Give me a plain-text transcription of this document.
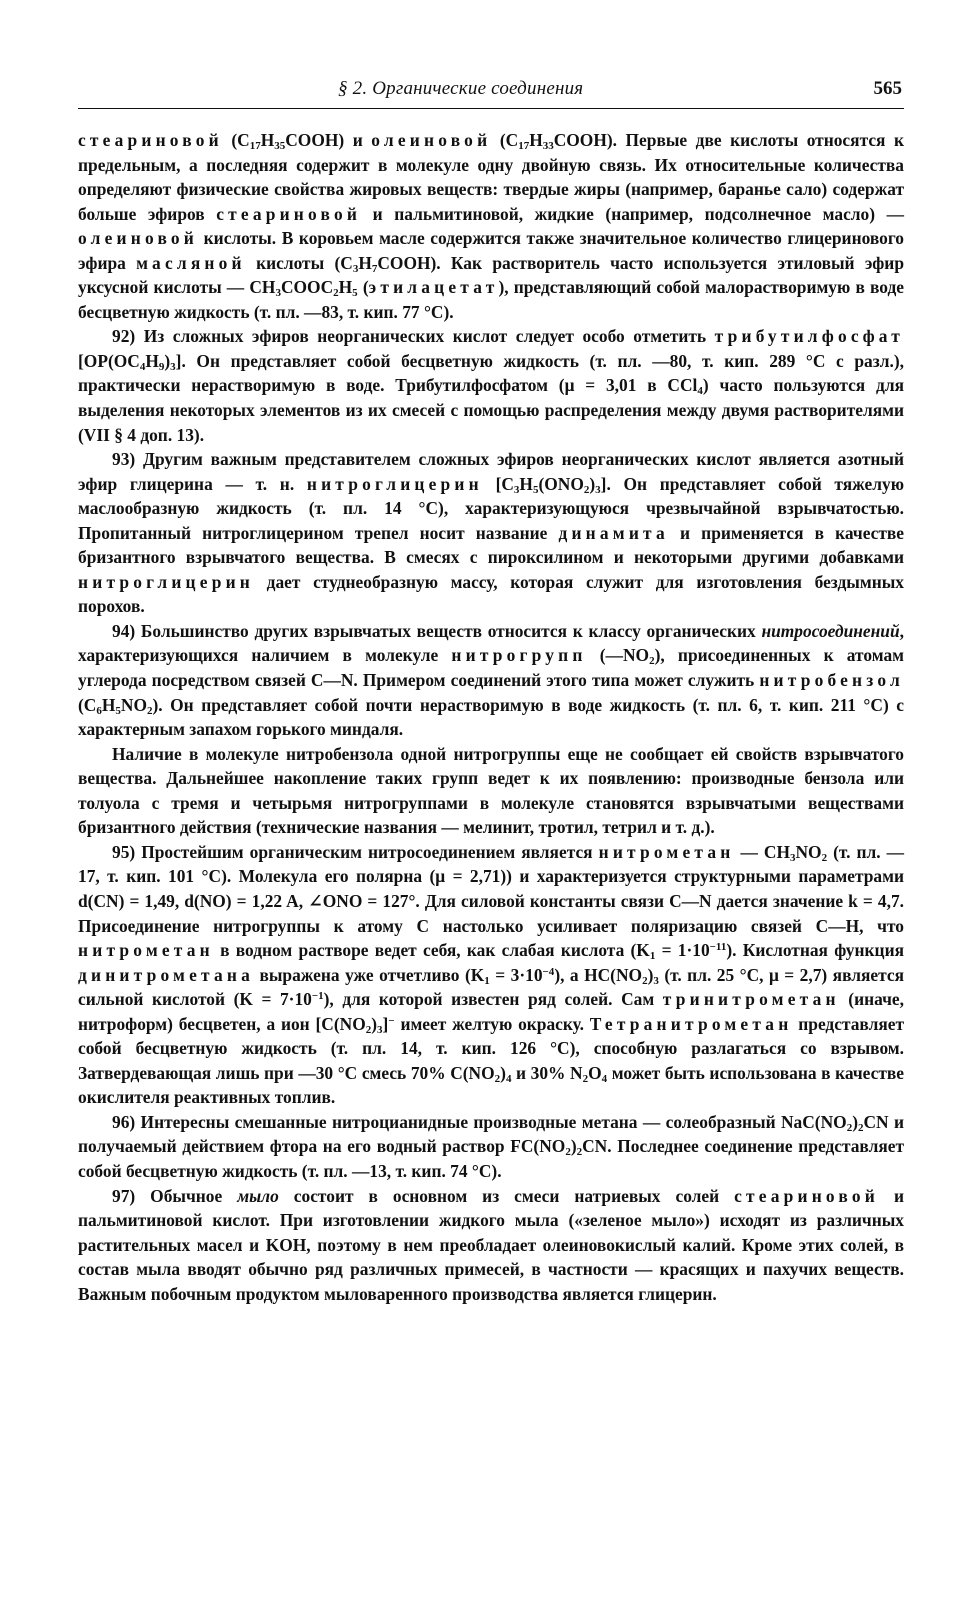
§ 2. Органические соединения	565

стеариновой $(C_{17}H_{35}COOH)$ и олеиновой $(C_{17}H_{33}COOH)$. Первые две кислоты относятся к предельным, а последняя содержит в молекуле одну двойную связь. Их относительные количества определяют физические свойства жировых веществ: твердые жиры (например, баранье сало) содержат больше эфиров стеариновой и пальмитиновой, жидкие (например, подсолнечное масло) — олеиновой кислоты. В коровьем масле содержится также значительное количество глицеринового эфира масляной кислоты $(C_3H_7COOH)$. Как растворитель часто используется этиловый эфир уксусной кислоты — $CH_3COOC_2H_5$ (этилацетат), представляющий собой малорастворимую в воде бесцветную жидкость (т. пл. —83, т. кип. 77 °С).

92) Из сложных эфиров неорганических кислот следует особо отметить трибутилфосфат $[OP(OC_4H_9)_3]$. Он представляет собой бесцветную жидкость (т. пл. —80, т. кип. 289 °С с разл.), практически нерастворимую в воде. Трибутилфосфатом (μ = 3,01 в CCl$_4$) часто пользуются для выделения некоторых элементов из их смесей с помощью распределения между двумя растворителями (VII § 4 доп. 13).

93) Другим важным представителем сложных эфиров неорганических кислот является азотный эфир глицерина — т. н. нитроглицерин $[C_3H_5(ONO_2)_3]$. Он представляет собой тяжелую маслообразную жидкость (т. пл. 14 °С), характеризующуюся чрезвычайной взрывчатостью. Пропитанный нитроглицерином трепел носит название динамита и применяется в качестве бризантного взрывчатого вещества. В смесях с пироксилином и некоторыми другими добавками нитроглицерин дает студнеобразную массу, которая служит для изготовления бездымных порохов.

94) Большинство других взрывчатых веществ относится к классу органических нитросоединений, характеризующихся наличием в молекуле нитрогрупп $(—NO_2)$, присоединенных к атомам углерода посредством связей C—N. Примером соединений этого типа может служить нитробензол $(C_6H_5NO_2)$. Он представляет собой почти нерастворимую в воде жидкость (т. пл. 6, т. кип. 211 °С) с характерным запахом горького миндаля.

Наличие в молекуле нитробензола одной нитрогруппы еще не сообщает ей свойств взрывчатого вещества. Дальнейшее накопление таких групп ведет к их появлению: производные бензола или толуола с тремя и четырьмя нитрогруппами в молекуле становятся взрывчатыми веществами бризантного действия (технические названия — мелинит, тротил, тетрил и т. д.).

95) Простейшим органическим нитросоединением является нитрометан — $CH_3NO_2$ (т. пл. —17, т. кип. 101 °С). Молекула его полярна (μ = 2,71)) и характеризуется структурными параметрами d(CN) = 1,49, d(NO) = 1,22 A, ∠ONO = 127°. Для силовой константы связи C—N дается значение k = 4,7. Присоединение нитрогруппы к атому C настолько усиливает поляризацию связей C—H, что нитрометан в водном растворе ведет себя, как слабая кислота $(K_1 = 1\cdot 10^{-11})$. Кислотная функция динитрометана выражена уже отчетливо $(K_1 = 3\cdot 10^{-4})$, а $HC(NO_2)_3$ (т. пл. 25 °С, μ = 2,7) является сильной кислотой $(K = 7\cdot 10^{-1})$, для которой известен ряд солей. Сам тринитрометан (иначе, нитроформ) бесцветен, а ион $[C(NO_2)_3]^-$ имеет желтую окраску. Тетранитрометан представляет собой бесцветную жидкость (т. пл. 14, т. кип. 126 °С), способную разлагаться со взрывом. Затвердевающая лишь при —30 °С смесь 70% $C(NO_2)_4$ и 30% $N_2O_4$ может быть использована в качестве окислителя реактивных топлив.

96) Интересны смешанные нитроцианидные производные метана — солеобразный $NaC(NO_2)_2CN$ и получаемый действием фтора на его водный раствор $FC(NO_2)_2CN$. Последнее соединение представляет собой бесцветную жидкость (т. пл. —13, т. кип. 74 °С).

97) Обычное мыло состоит в основном из смеси натриевых солей стеариновой и пальмитиновой кислот. При изготовлении жидкого мыла («зеленое мыло») исходят из различных растительных масел и KOH, поэтому в нем преобладает олеиновокислый калий. Кроме этих солей, в состав мыла вводят обычно ряд различных примесей, в частности — красящих и пахучих веществ. Важным побочным продуктом мыловаренного производства является глицерин.
